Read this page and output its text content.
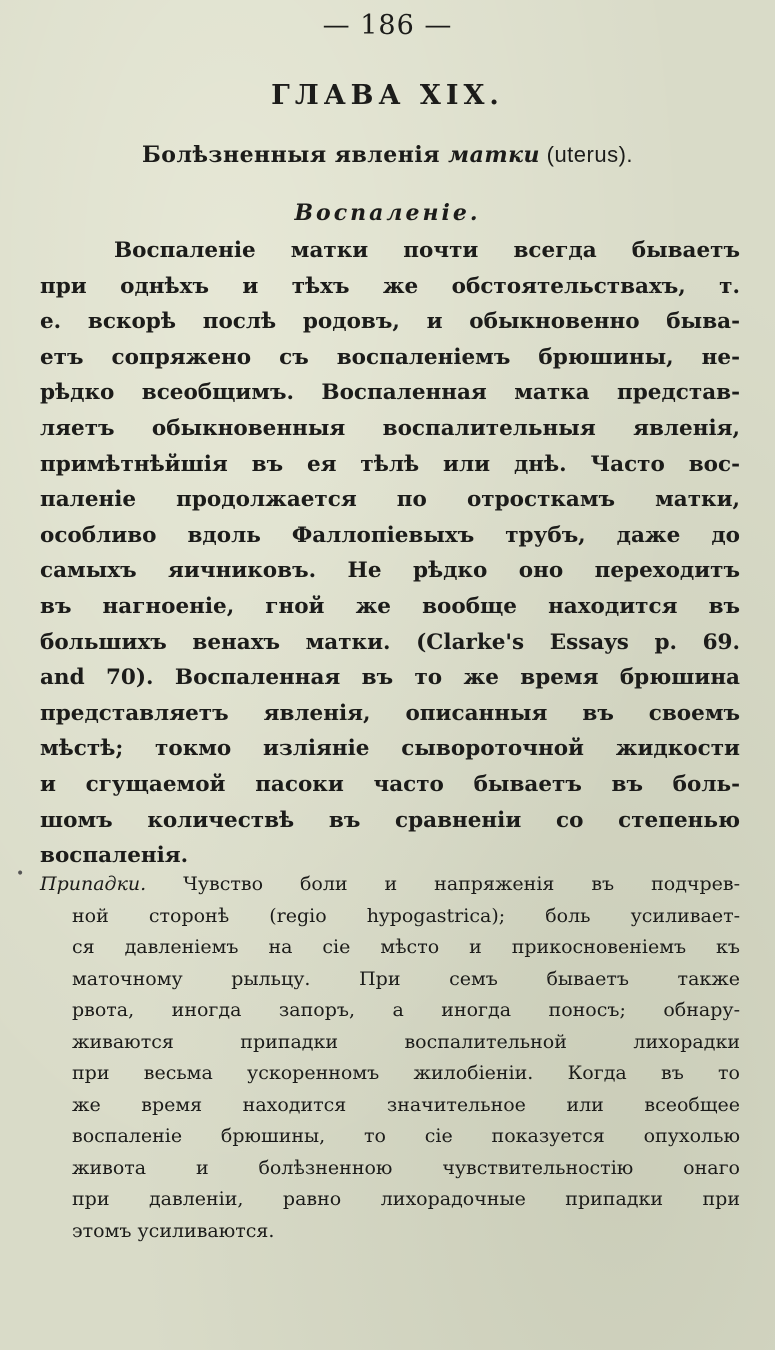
— 186 —
ГЛАВА XIX.
Болѣзненныя явленія матки (uterus).
Воспаленіе.
Воспаленіе матки почти всегда бываетъ
при однѣхъ и тѣхъ же обстоятельствахъ, т.
е. вскорѣ послѣ родовъ, и обыкновенно быва-
етъ сопряжено съ воспаленіемъ брюшины, не-
рѣдко всеобщимъ. Воспаленная матка представ-
ляетъ обыкновенныя воспалительныя явленія,
примѣтнѣйшія въ ея тѣлѣ или днѣ. Часто вос-
паленіе продолжается по отросткамъ матки,
особливо вдоль Фаллопіевыхъ трубъ, даже до
самыхъ яичниковъ. Не рѣдко оно переходитъ
въ нагноеніе, гной же вообще находится въ
большихъ венахъ матки. (Clarke's Essays p. 69.
and 70). Воспаленная въ то же время брюшина
представляетъ явленія, описанныя въ своемъ
мѣстѣ; токмо изліяніе сывороточной жидкости
и сгущаемой пасоки часто бываетъ въ боль-
шомъ количествѣ въ сравненіи со степенью
воспаленія.
• Припадки. Чувство боли и напряженія въ подчрев-
ной сторонѣ (regio hypogastrica); боль усиливает-
ся давленіемъ на сіе мѣсто и прикосновеніемъ къ
маточному рыльцу. При семъ бываетъ также
рвота, иногда запоръ, а иногда поносъ; обнару-
живаются припадки воспалительной лихорадки
при весьма ускоренномъ жилобіеніи. Когда въ то
же время находится значительное или всеобщее
воспаленіе брюшины, то сіе показуется опухолью
живота и болѣзненною чувствительностію онаго
при давленіи, равно лихорадочные припадки при
этомъ усиливаются.
